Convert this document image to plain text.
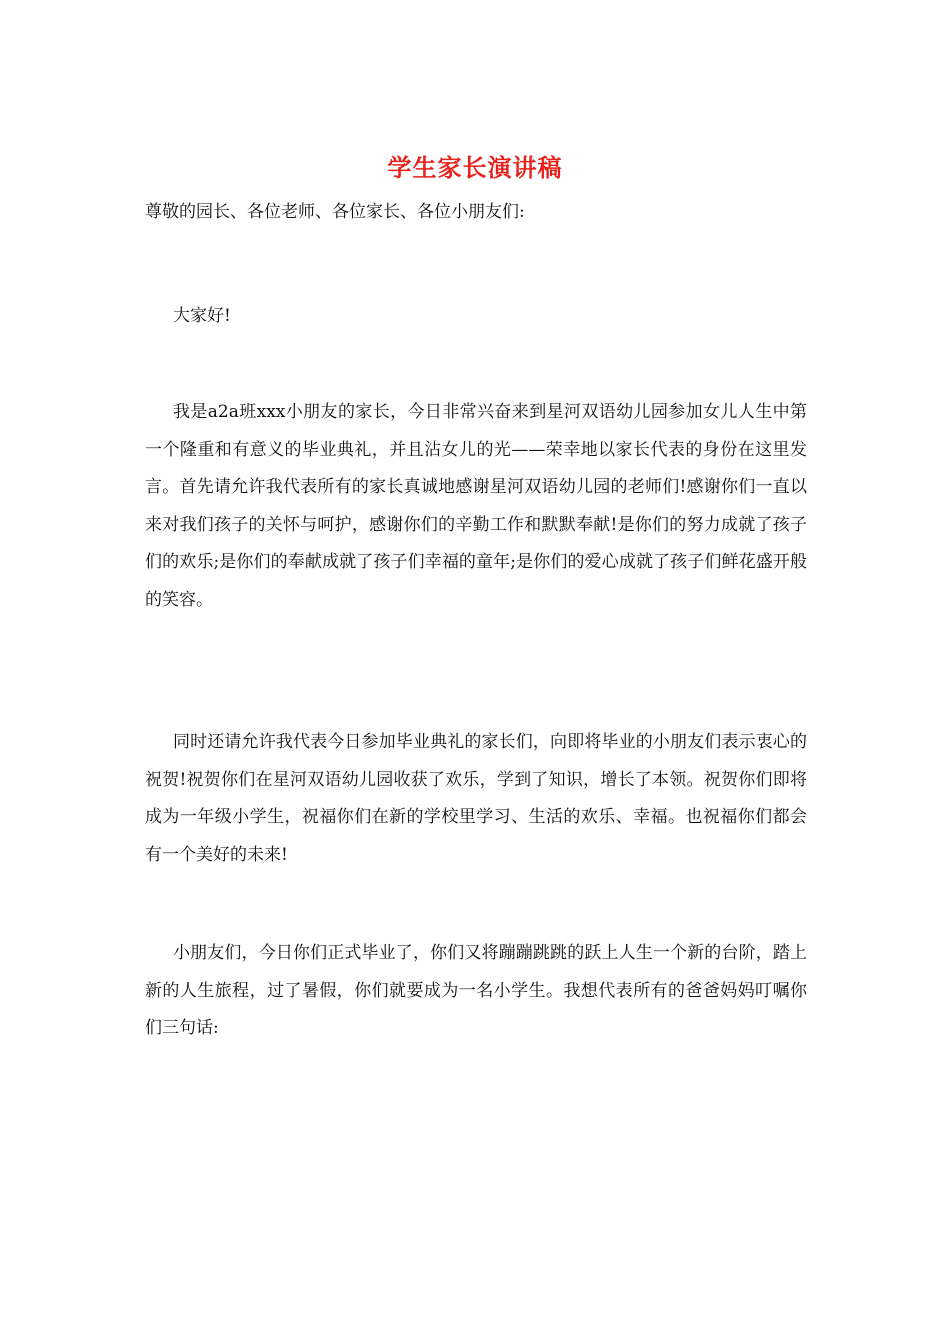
学生家长演讲稿
尊敬的园长、各位老师、各位家长、各位小朋友们:

大家好!

我是a2a班xxx小朋友的家长，今日非常兴奋来到星河双语幼儿园参加女儿人生中第一个隆重和有意义的毕业典礼，并且沾女儿的光——荣幸地以家长代表的身份在这里发言。首先请允许我代表所有的家长真诚地感谢星河双语幼儿园的老师们!感谢你们一直以来对我们孩子的关怀与呵护，感谢你们的辛勤工作和默默奉献!是你们的努力成就了孩子们的欢乐;是你们的奉献成就了孩子们幸福的童年;是你们的爱心成就了孩子们鲜花盛开般的笑容。

同时还请允许我代表今日参加毕业典礼的家长们，向即将毕业的小朋友们表示衷心的祝贺!祝贺你们在星河双语幼儿园收获了欢乐，学到了知识，增长了本领。祝贺你们即将成为一年级小学生，祝福你们在新的学校里学习、生活的欢乐、幸福。也祝福你们都会有一个美好的未来!

小朋友们，今日你们正式毕业了，你们又将蹦蹦跳跳的跃上人生一个新的台阶，踏上新的人生旅程，过了暑假，你们就要成为一名小学生。我想代表所有的爸爸妈妈叮嘱你们三句话:
